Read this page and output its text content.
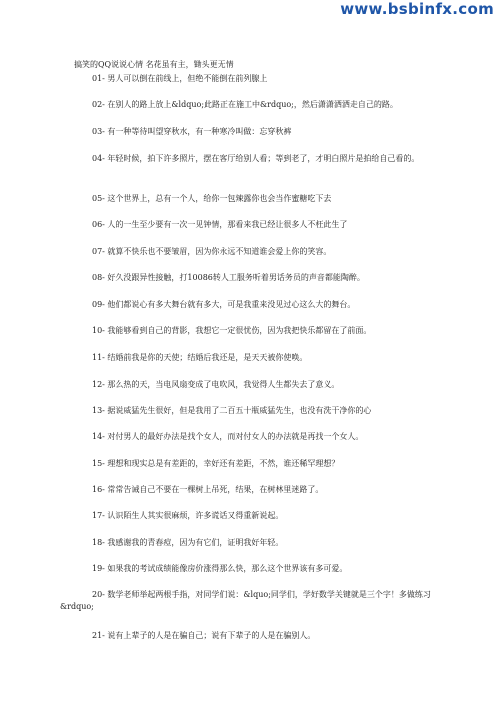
www.bsbinfx.com

搞笑的QQ说说心情 名花虽有主，锄头更无情

01- 男人可以倒在前线上，但绝不能倒在前列腺上

02- 在别人的路上放上&ldquo;此路正在施工中&rdquo;，然后潇潇洒洒走自己的路。

03- 有一种等待叫望穿秋水，有一种寒冷叫做：忘穿秋裤

04- 年轻时候，拍下许多照片，摆在客厅给别人看；等到老了，才明白照片是拍给自己看的。

05- 这个世界上，总有一个人，给你一包辣露你也会当作蜜糖吃下去

06- 人的一生至少要有一次一见钟情，那看来我已经让很多人不枉此生了

07- 就算不快乐也不要皱眉，因为你永远不知道谁会爱上你的笑容。

08- 好久没跟异性接触，打10086转人工服务听着男话务员的声音都能陶醉。

09- 他们都说心有多大舞台就有多大，可是我重来没见过心这么大的舞台。

10- 我能够看到自己的背影，我想它一定很忧伤，因为我把快乐都留在了前面。

11- 结婚前我是你的天使；结婚后我还是，是天天被你使唤。

12- 那么热的天，当电风扇变成了电吹风，我觉得人生都失去了意义。

13- 据说威猛先生很好，但是我用了二百五十瓶威猛先生，也没有洗干净你的心

14- 对付男人的最好办法是找个女人，而对付女人的办法就是再找一个女人。

15- 理想和现实总是有差距的，幸好还有差距，不然，谁还稀罕理想？

16- 常常告诫自己不要在一棵树上吊死，结果，在树林里迷路了。

17- 认识陌生人其实很麻烦，许多谎话又得重新说起。

18- 我感谢我的青春痘，因为有它们，证明我好年轻。

19- 如果我的考试成绩能像房价涨得那么快，那么这个世界该有多可爱。

20- 数学老师举起两根手指，对同学们说：&lquo;同学们，学好数学关键就是三个字！多做练习&rdquo;

21- 说有上辈子的人是在骗自己；说有下辈子的人是在骗别人。
